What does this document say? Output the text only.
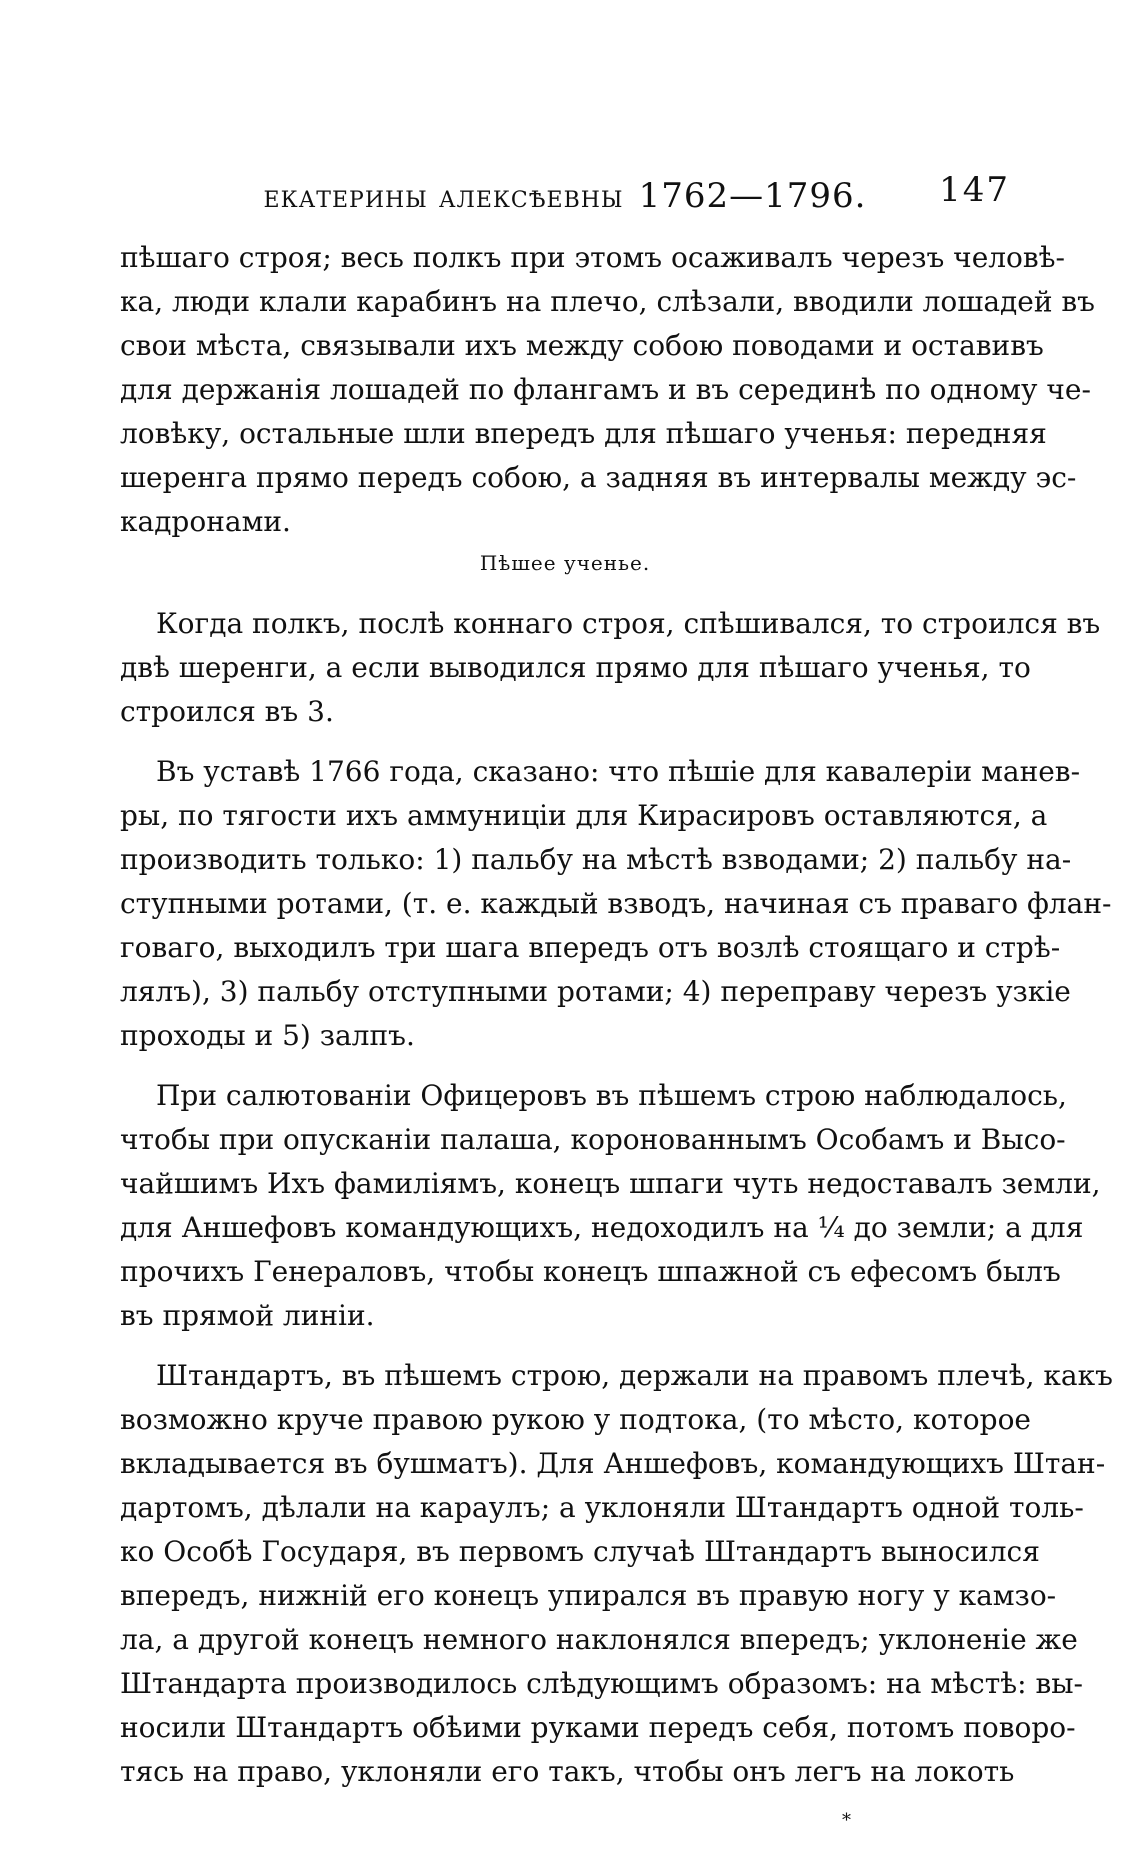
ЕКАТЕРИНЫ АЛЕКСѢЕВНЫ 1762—1796.	147
пѣшаго строя; весь полкъ при этомъ осаживалъ черезъ человѣ-
ка, люди клали карабинъ на плечо, слѣзали, вводили лошадей въ
свои мѣста, связывали ихъ между собою поводами и оставивъ
для держанія лошадей по флангамъ и въ серединѣ по одному че-
ловѣку, остальные шли впередъ для пѣшаго ученья: передняя
шеренга прямо передъ собою, а задняя въ интервалы между эс-
кадронами.
Пѣшее ученье.
Когда полкъ, послѣ коннаго строя, спѣшивался, то строился въ
двѣ шеренги, а если выводился прямо для пѣшаго ученья, то
строился въ 3.
Въ уставѣ 1766 года, сказано: что пѣшіе для кавалеріи манев-
ры, по тягости ихъ аммуниціи для Кирасировъ оставляются, а
производить только: 1) пальбу на мѣстѣ взводами; 2) пальбу на-
ступными ротами, (т. е. каждый взводъ, начиная съ праваго флан-
говаго, выходилъ три шага впередъ отъ возлѣ стоящаго и стрѣ-
лялъ), 3) пальбу отступными ротами; 4) переправу черезъ узкіе
проходы и 5) залпъ.
При салютованіи Офицеровъ въ пѣшемъ строю наблюдалось,
чтобы при опусканіи палаша, коронованнымъ Особамъ и Высо-
чайшимъ Ихъ фамиліямъ, конецъ шпаги чуть недоставалъ земли,
для Аншефовъ командующихъ, недоходилъ на ¼ до земли; а для
прочихъ Генераловъ, чтобы конецъ шпажной съ ефесомъ былъ
въ прямой линіи.
Штандартъ, въ пѣшемъ строю, держали на правомъ плечѣ, какъ
возможно круче правою рукою у подтока, (то мѣсто, которое
вкладывается въ бушматъ). Для Аншефовъ, командующихъ Штан-
дартомъ, дѣлали на караулъ; а уклоняли Штандартъ одной толь-
ко Особѣ Государя, въ первомъ случаѣ Штандартъ выносился
впередъ, нижній его конецъ упирался въ правую ногу у камзо-
ла, а другой конецъ немного наклонялся впередъ; уклоненіе же
Штандарта производилось слѣдующимъ образомъ: на мѣстѣ: вы-
носили Штандартъ обѣими руками передъ себя, потомъ поворо-
тясь на право, уклоняли его такъ, чтобы онъ легъ на локоть
*
